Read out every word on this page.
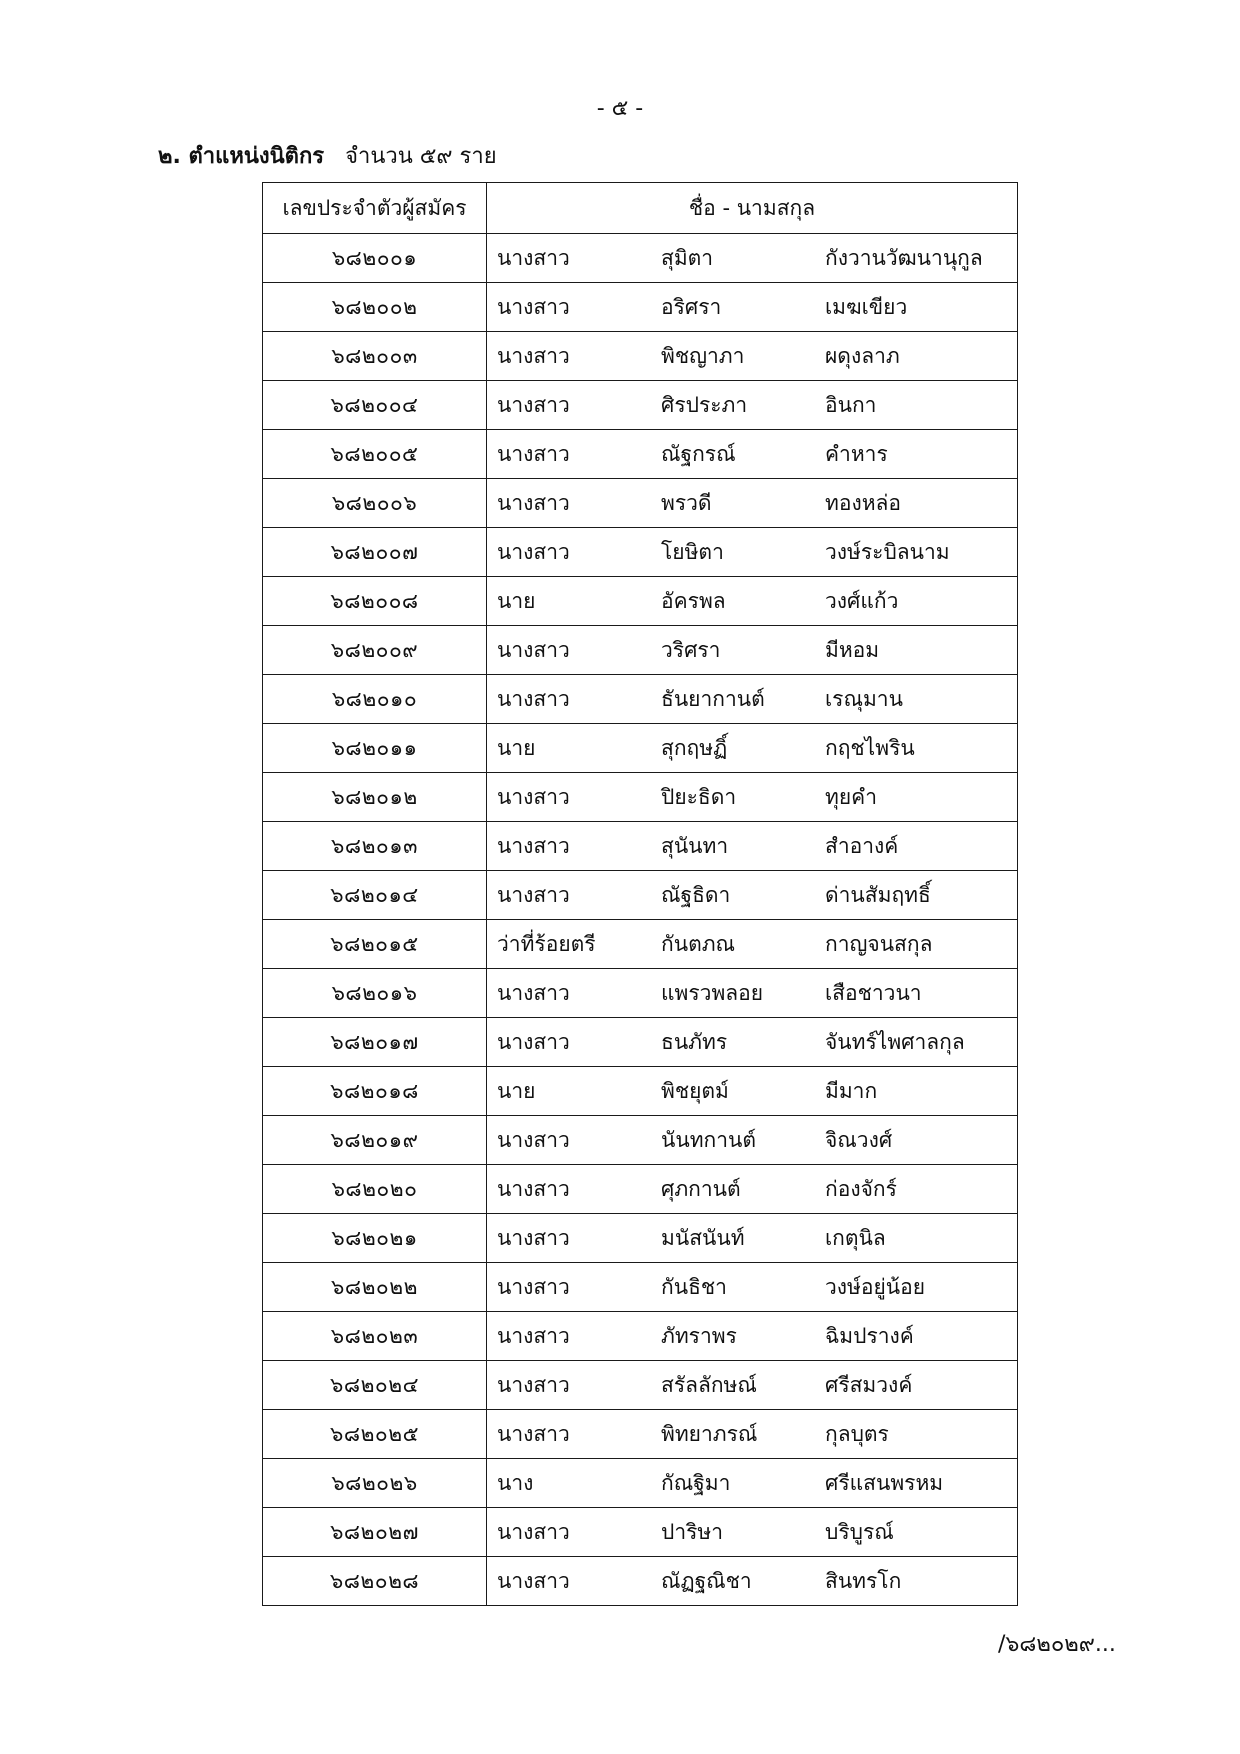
- ๕ -
๒. ตำแหน่งนิติกร จำนวน ๕๙ ราย
เลขประจำตัวผู้สมัคร	ชื่อ - นามสกุล
๖๘๒๐๐๑	นางสาว สุมิตา กังวานวัฒนานุกูล
๖๘๒๐๐๒	นางสาว อริศรา เมฆเขียว
๖๘๒๐๐๓	นางสาว พิชญาภา ผดุงลาภ
๖๘๒๐๐๔	นางสาว ศิรประภา อินกา
๖๘๒๐๐๕	นางสาว ณัฐกรณ์ คำหาร
๖๘๒๐๐๖	นางสาว พรวดี ทองหล่อ
๖๘๒๐๐๗	นางสาว โยษิตา วงษ์ระบิลนาม
๖๘๒๐๐๘	นาย อัครพล วงศ์แก้ว
๖๘๒๐๐๙	นางสาว วริศรา มีหอม
๖๘๒๐๑๐	นางสาว ธันยากานต์ เรณุมาน
๖๘๒๐๑๑	นาย สุกฤษฏิ์ กฤชไพริน
๖๘๒๐๑๒	นางสาว ปิยะธิดา ทุยคำ
๖๘๒๐๑๓	นางสาว สุนันทา สำอางค์
๖๘๒๐๑๔	นางสาว ณัฐธิดา ด่านสัมฤทธิ์
๖๘๒๐๑๕	ว่าที่ร้อยตรี กันตภณ กาญจนสกุล
๖๘๒๐๑๖	นางสาว แพรวพลอย เสือชาวนา
๖๘๒๐๑๗	นางสาว ธนภัทร จันทร์ไพศาลกุล
๖๘๒๐๑๘	นาย พิชยุตม์ มีมาก
๖๘๒๐๑๙	นางสาว นันทกานต์ จิณวงศ์
๖๘๒๐๒๐	นางสาว ศุภกานต์ ก่องจักร์
๖๘๒๐๒๑	นางสาว มนัสนันท์ เกตุนิล
๖๘๒๐๒๒	นางสาว กันธิชา วงษ์อยู่น้อย
๖๘๒๐๒๓	นางสาว ภัทราพร ฉิมปรางค์
๖๘๒๐๒๔	นางสาว สรัลลักษณ์ ศรีสมวงค์
๖๘๒๐๒๕	นางสาว พิทยาภรณ์ กุลบุตร
๖๘๒๐๒๖	นาง กัณฐิมา ศรีแสนพรหม
๖๘๒๐๒๗	นางสาว ปาริษา บริบูรณ์
๖๘๒๐๒๘	นางสาว ณัฏฐณิชา สินทรโก
/๖๘๒๐๒๙...
